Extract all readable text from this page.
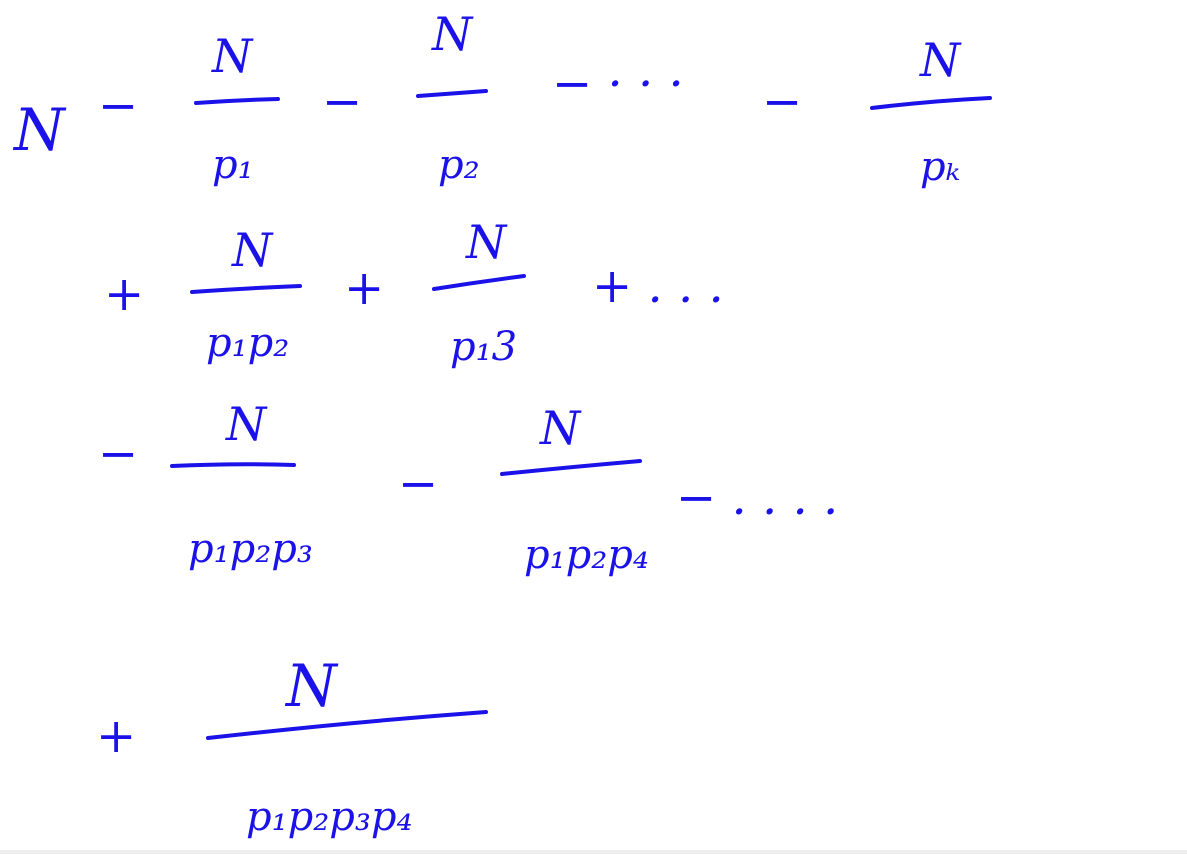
N −
N
p₁
−
N
p₂
− · · · −
N
pₖ
+
N
p₁p₂
+
N
p₁3
+ . . .
−
N
p₁p₂p₃
−
N
p₁p₂p₄
− . . . .
+
N
p₁p₂p₃p₄
